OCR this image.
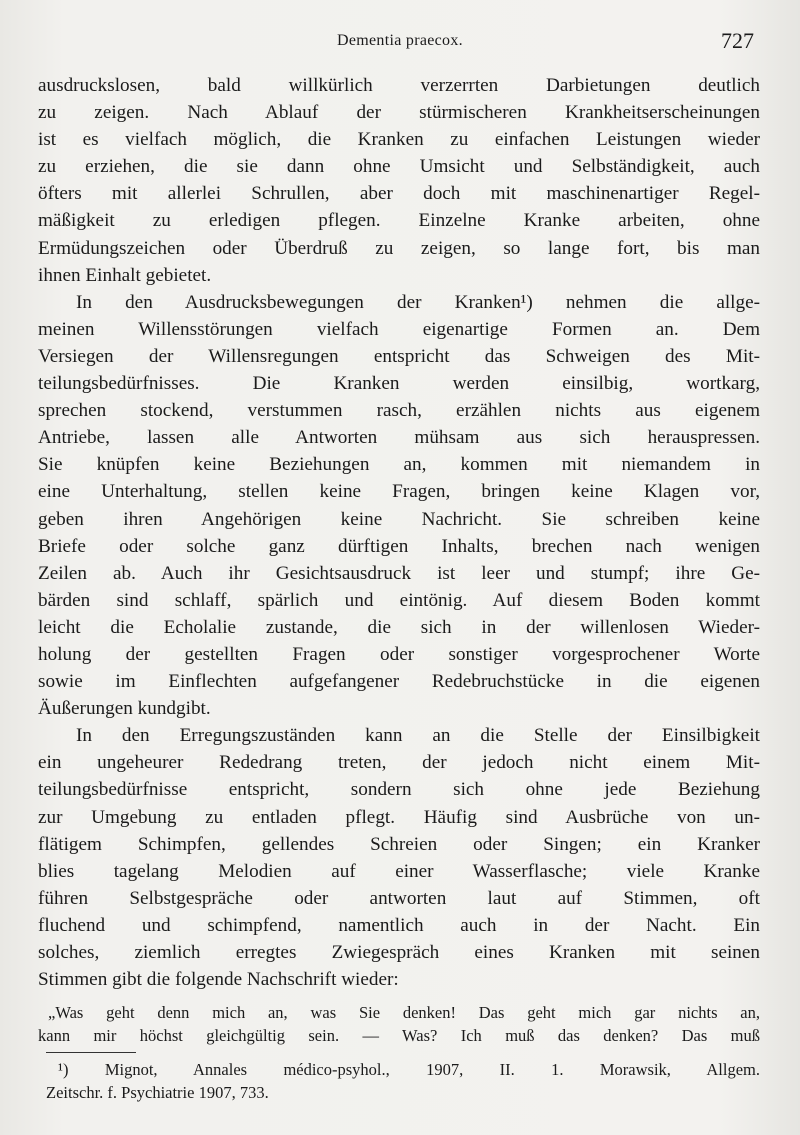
Dementia praecox.	727
ausdruckslosen, bald willkürlich verzerrten Darbietungen deutlich
zu zeigen. Nach Ablauf der stürmischeren Krankheitserscheinungen
ist es vielfach möglich, die Kranken zu einfachen Leistungen wieder
zu erziehen, die sie dann ohne Umsicht und Selbständigkeit, auch
öfters mit allerlei Schrullen, aber doch mit maschinenartiger Regel-
mäßigkeit zu erledigen pflegen. Einzelne Kranke arbeiten, ohne
Ermüdungszeichen oder Überdruß zu zeigen, so lange fort, bis man
ihnen Einhalt gebietet.
In den Ausdrucksbewegungen der Kranken¹) nehmen die allge-
meinen Willensstörungen vielfach eigenartige Formen an. Dem
Versiegen der Willensregungen entspricht das Schweigen des Mit-
teilungsbedürfnisses. Die Kranken werden einsilbig, wortkarg,
sprechen stockend, verstummen rasch, erzählen nichts aus eigenem
Antriebe, lassen alle Antworten mühsam aus sich herauspressen.
Sie knüpfen keine Beziehungen an, kommen mit niemandem in
eine Unterhaltung, stellen keine Fragen, bringen keine Klagen vor,
geben ihren Angehörigen keine Nachricht. Sie schreiben keine
Briefe oder solche ganz dürftigen Inhalts, brechen nach wenigen
Zeilen ab. Auch ihr Gesichtsausdruck ist leer und stumpf; ihre Ge-
bärden sind schlaff, spärlich und eintönig. Auf diesem Boden kommt
leicht die Echolalie zustande, die sich in der willenlosen Wieder-
holung der gestellten Fragen oder sonstiger vorgesprochener Worte
sowie im Einflechten aufgefangener Redebruchstücke in die eigenen
Äußerungen kundgibt.
In den Erregungszuständen kann an die Stelle der Einsilbigkeit
ein ungeheurer Rededrang treten, der jedoch nicht einem Mit-
teilungsbedürfnisse entspricht, sondern sich ohne jede Beziehung
zur Umgebung zu entladen pflegt. Häufig sind Ausbrüche von un-
flätigem Schimpfen, gellendes Schreien oder Singen; ein Kranker
blies tagelang Melodien auf einer Wasserflasche; viele Kranke
führen Selbstgespräche oder antworten laut auf Stimmen, oft
fluchend und schimpfend, namentlich auch in der Nacht. Ein
solches, ziemlich erregtes Zwiegespräch eines Kranken mit seinen
Stimmen gibt die folgende Nachschrift wieder:
„Was geht denn mich an, was Sie denken! Das geht mich gar nichts an,
kann mir höchst gleichgültig sein. — Was? Ich muß das denken? Das muß
¹) Mignot, Annales médico-psyhol., 1907, II. 1. Morawsik, Allgem.
Zeitschr. f. Psychiatrie 1907, 733.
